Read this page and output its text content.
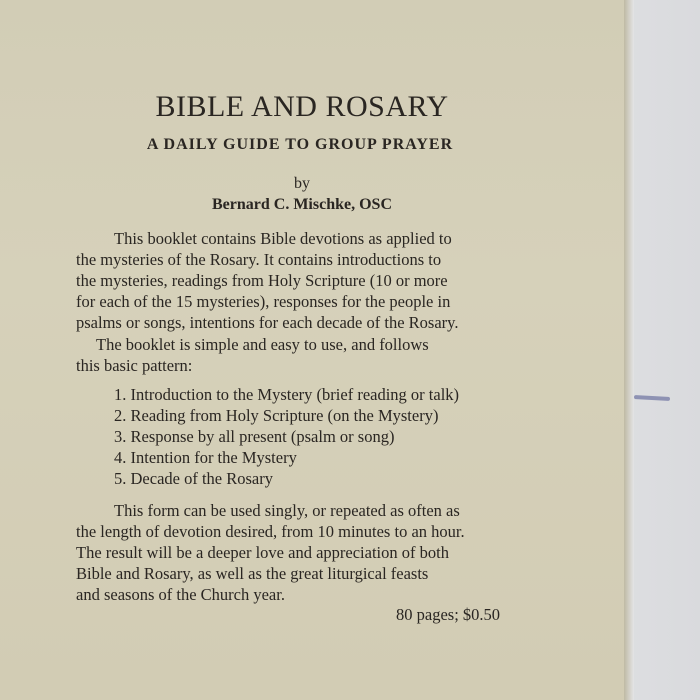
BIBLE AND ROSARY
A DAILY GUIDE TO GROUP PRAYER
by
Bernard C. Mischke, OSC
This booklet contains Bible devotions as applied to
the mysteries of the Rosary. It contains introductions to
the mysteries, readings from Holy Scripture (10 or more
for each of the 15 mysteries), responses for the people in
psalms or songs, intentions for each decade of the Rosary.
The booklet is simple and easy to use, and follows
this basic pattern:
1. Introduction to the Mystery (brief reading or talk)
2. Reading from Holy Scripture (on the Mystery)
3. Response by all present (psalm or song)
4. Intention for the Mystery
5. Decade of the Rosary
This form can be used singly, or repeated as often as
the length of devotion desired, from 10 minutes to an hour.
The result will be a deeper love and appreciation of both
Bible and Rosary, as well as the great liturgical feasts
and seasons of the Church year.
80 pages; $0.50
